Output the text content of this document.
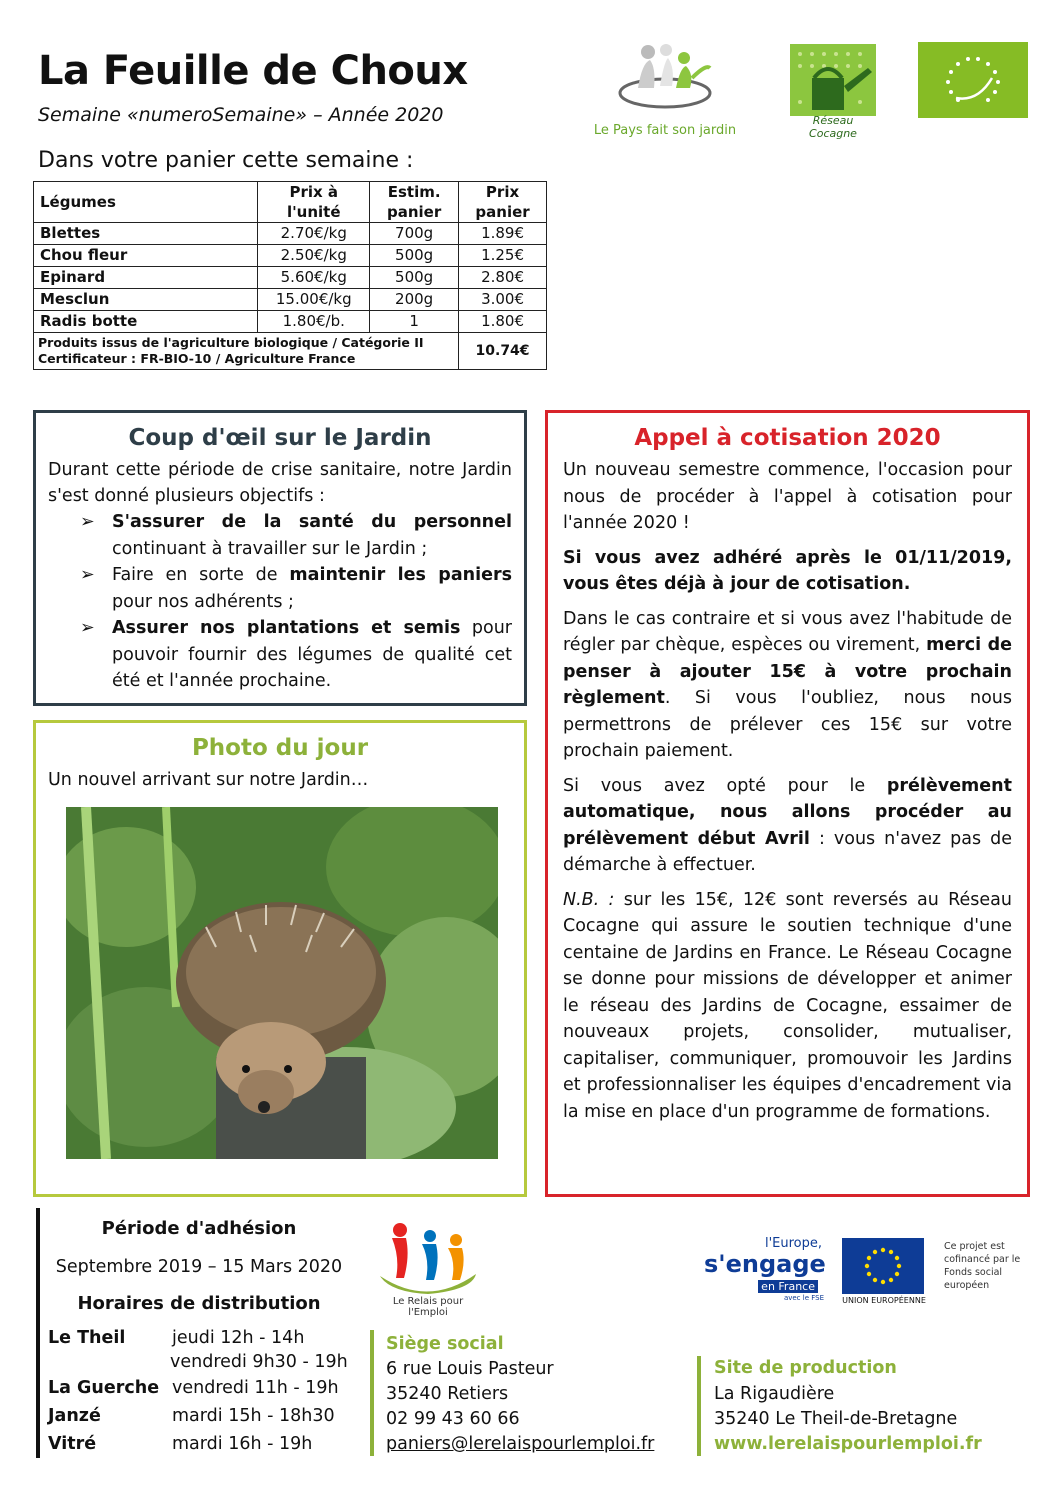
La Feuille de Choux
Semaine «numeroSemaine» – Année 2020
Dans votre panier cette semaine :
Le Pays fait son jardin
Réseau Cocagne
Légumes	Prix à l'unité	Estim. panier	Prix panier
Blettes	2.70€/kg	700g	1.89€
Chou fleur	2.50€/kg	500g	1.25€
Epinard	5.60€/kg	500g	2.80€
Mesclun	15.00€/kg	200g	3.00€
Radis botte	1.80€/b.	1	1.80€

Produits issus de l'agriculture biologique / Catégorie II
Certificateur : FR-BIO-10 / Agriculture France			10.74€
Coup d'œil sur le Jardin

Durant cette période de crise sanitaire, notre Jardin s'est donné plusieurs objectifs :

➢ S'assurer de la santé du personnel continuant à travailler sur le Jardin ;
➢ Faire en sorte de maintenir les paniers pour nos adhérents ;
➢ Assurer nos plantations et semis pour pouvoir fournir des légumes de qualité cet été et l'année prochaine.
Photo du jour

Un nouvel arrivant sur notre Jardin…

Appel à cotisation 2020

Un nouveau semestre commence, l'occasion pour nous de procéder à l'appel à cotisation pour l'année 2020 !

Si vous avez adhéré après le 01/11/2019, vous êtes déjà à jour de cotisation.

Dans le cas contraire et si vous avez l'habitude de régler par chèque, espèces ou virement, merci de penser à ajouter 15€ à votre prochain règlement. Si vous l'oubliez, nous nous permettrons de prélever ces 15€ sur votre prochain paiement.

Si vous avez opté pour le prélèvement automatique, nous allons procéder au prélèvement début Avril : vous n'avez pas de démarche à effectuer.

N.B. : sur les 15€, 12€ sont reversés au Réseau Cocagne qui assure le soutien technique d'une centaine de Jardins en France. Le Réseau Cocagne se donne pour missions de développer et animer le réseau des Jardins de Cocagne, essaimer de nouveaux projets, consolider, mutualiser, capitaliser, communiquer, promouvoir les Jardins et professionnaliser les équipes d'encadrement via la mise en place d'un programme de formations.

Période d'adhésion
Septembre 2019 – 15 Mars 2020
Horaires de distribution
Le Theil	jeudi 12h - 14h
vendredi 9h30 - 19h
La Guerche vendredi 11h - 19h
Janzé	mardi 15h - 18h30
Vitré	mardi 16h - 19h
Le Relais pour l'Emploi
Siège social
6 rue Louis Pasteur
35240 Retiers
02 99 43 60 66
paniers@lerelaispourlemploi.fr
Site de production
La Rigaudière
35240 Le Theil-de-Bretagne
www.lerelaispourlemploi.fr
l'Europe,
s'engage
en France
avec le FSE	UNION EUROPÉENNE
Ce projet est cofinancé par le Fonds social européen
